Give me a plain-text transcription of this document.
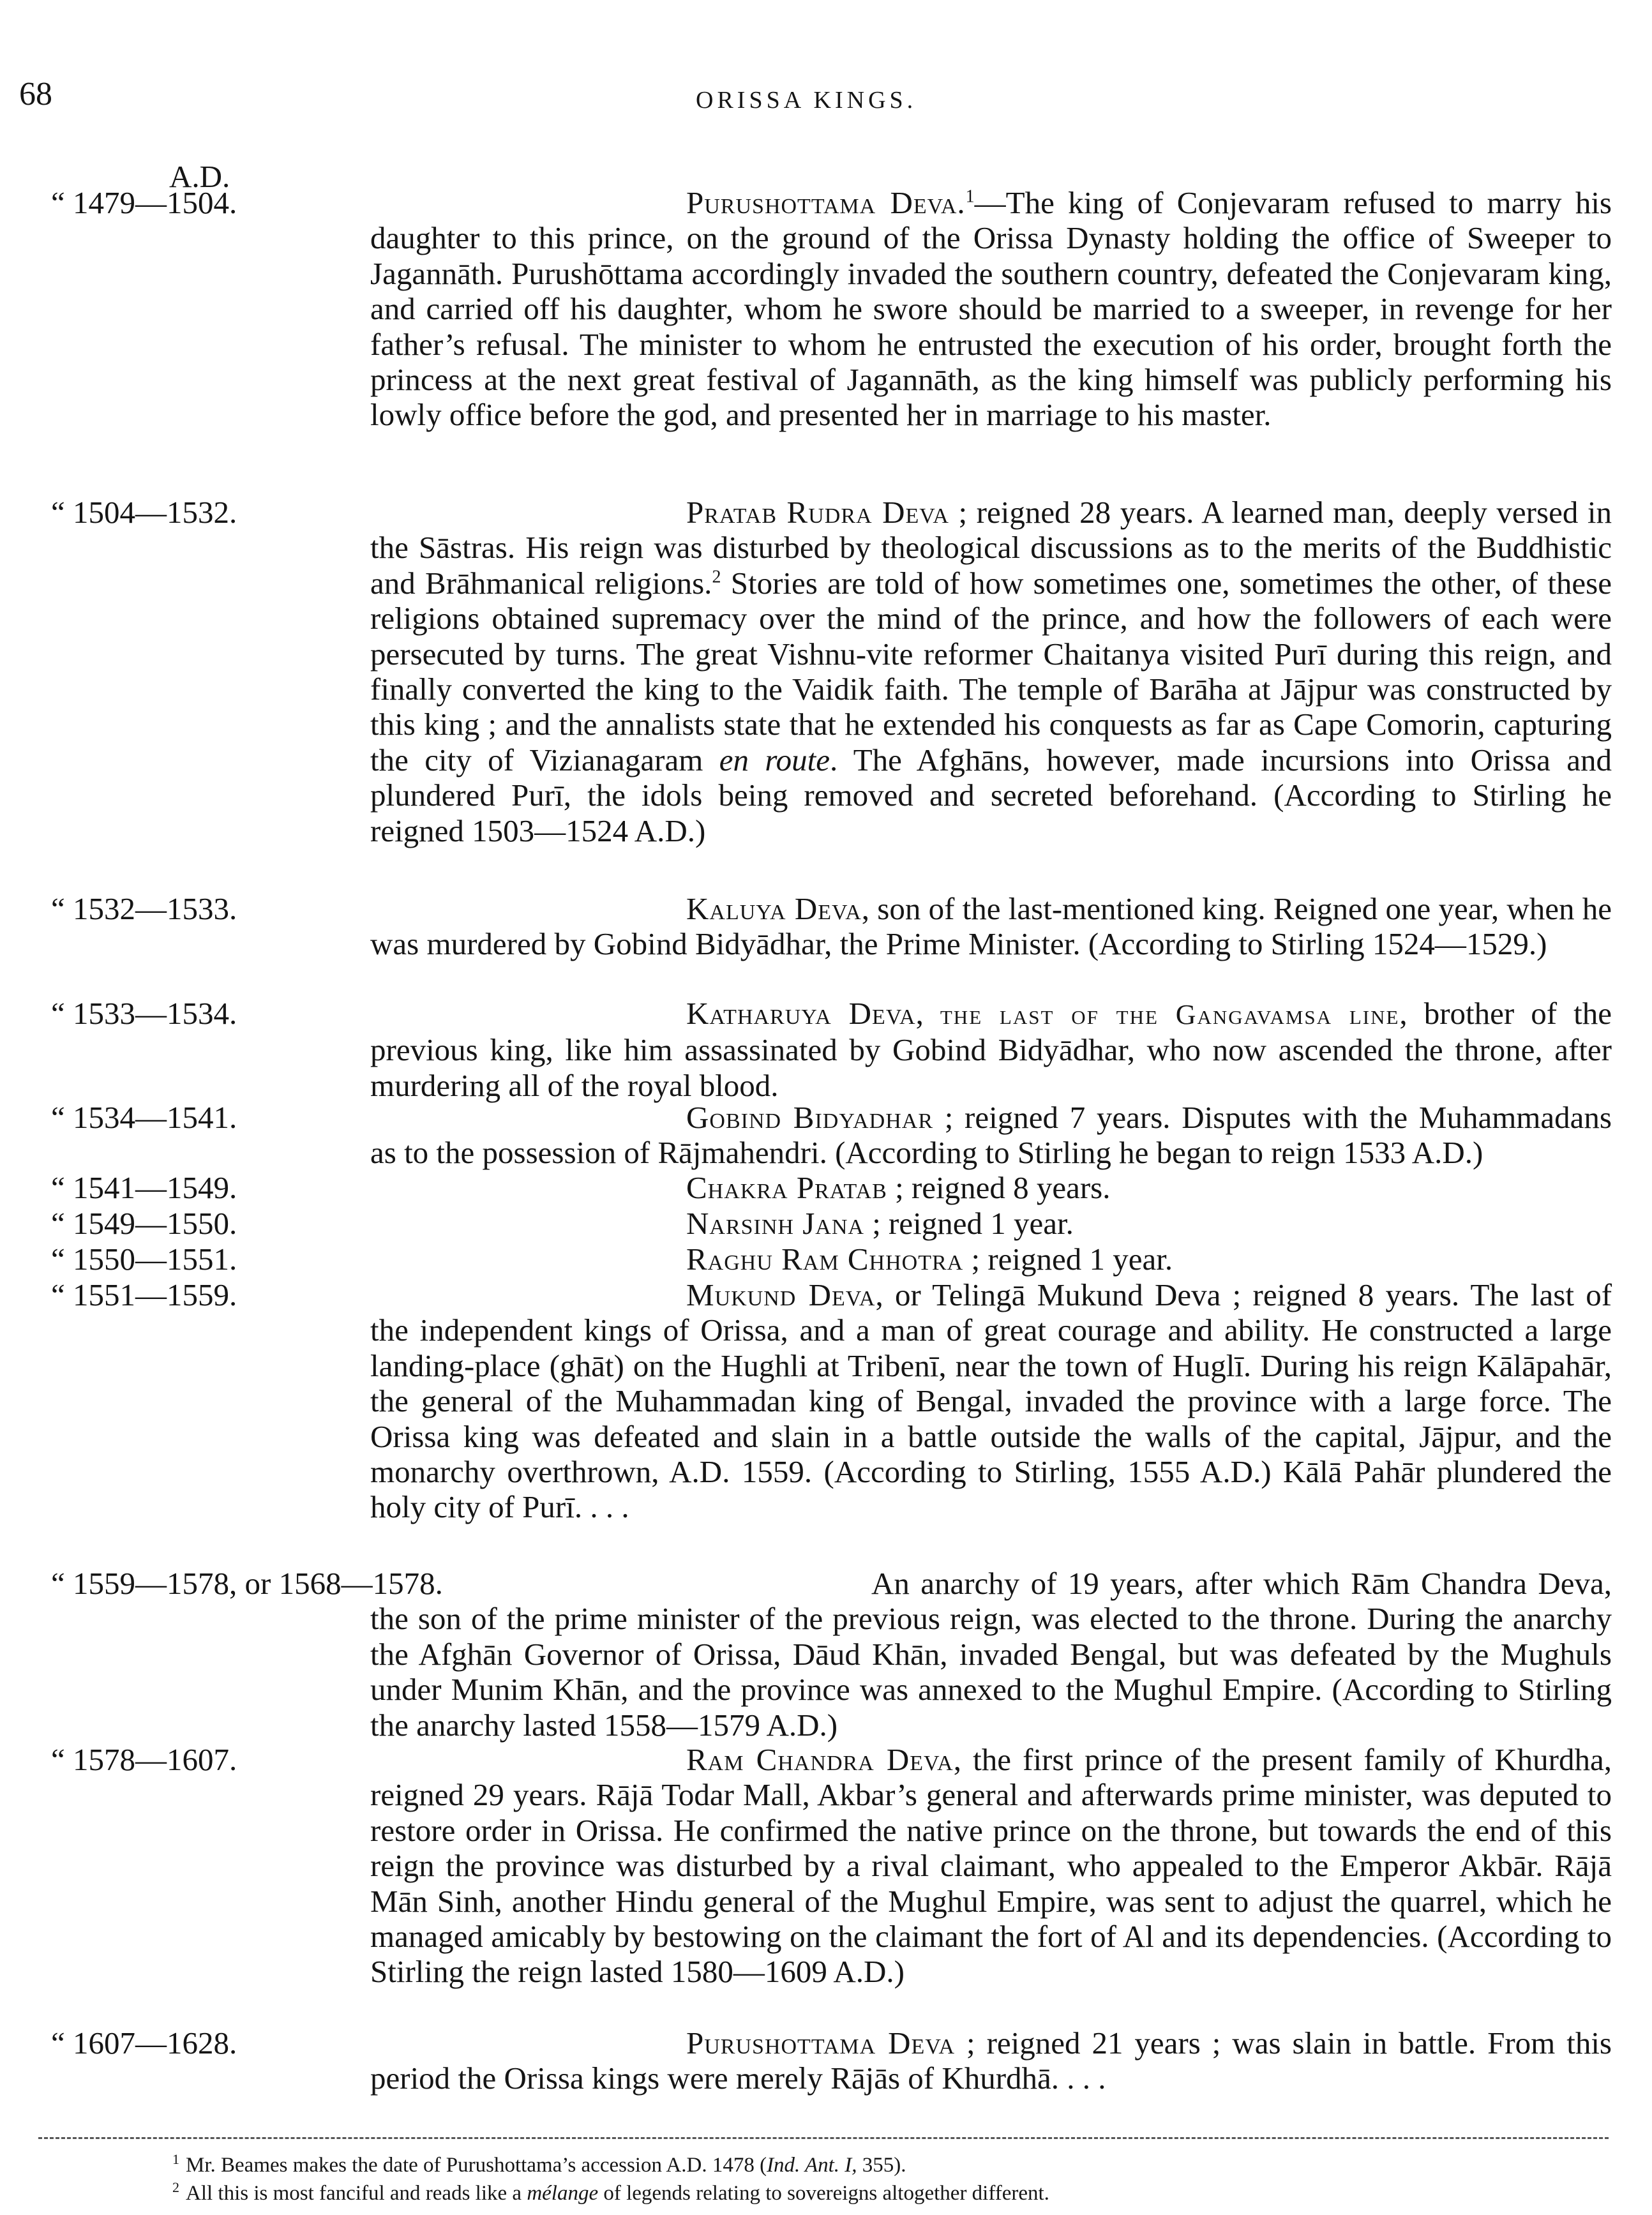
68	ORISSA KINGS.
A.D.
“ 1479—1504.	Purushottama Deva.$^1$—The king of Conjevaram refused to marry his daughter to this prince, on the ground of the Orissa Dynasty holding the office of Sweeper to Jagannāth. Purushōttama accordingly invaded the southern country, defeated the Conjevaram king, and carried off his daughter, whom he swore should be married to a sweeper, in revenge for her father’s refusal. The minister to whom he entrusted the execution of his order, brought forth the princess at the next great festival of Jagannāth, as the king himself was publicly performing his lowly office before the god, and presented her in marriage to his master.

“ 1504—1532.	Pratab Rudra Deva ; reigned 28 years. A learned man, deeply versed in the Sāstras. His reign was disturbed by theological discussions as to the merits of the Buddhistic and Brāhmanical religions.$^2$ Stories are told of how sometimes one, sometimes the other, of these religions obtained supremacy over the mind of the prince, and how the followers of each were persecuted by turns. The great Vishnu-vite reformer Chaitanya visited Purī during this reign, and finally converted the king to the Vaidik faith. The temple of Barāha at Jājpur was constructed by this king ; and the annalists state that he extended his conquests as far as Cape Comorin, capturing the city of Vizianagaram en route. The Afghāns, however, made incursions into Orissa and plundered Purī, the idols being removed and secreted beforehand. (According to Stirling he reigned 1503—1524 A.D.)

“ 1532—1533.	Kaluya Deva, son of the last-mentioned king. Reigned one year, when he was murdered by Gobind Bidyādhar, the Prime Minister. (According to Stirling 1524—1529.)

“ 1533—1534.	Katharuya Deva, the last of the Gangavamsa line, brother of the previous king, like him assassinated by Gobind Bidyādhar, who now ascended the throne, after murdering all of the royal blood.

“ 1534—1541.	Gobind Bidyadhar ; reigned 7 years. Disputes with the Muhammadans as to the possession of Rājmahendri. (According to Stirling he began to reign 1533 A.D.)

“ 1541—1549.	Chakra Pratab ; reigned 8 years.

“ 1549—1550.	Narsinh Jana ; reigned 1 year.

“ 1550—1551.	Raghu Ram Chhotra ; reigned 1 year.

“ 1551—1559.	Mukund Deva, or Telingā Mukund Deva ; reigned 8 years. The last of the independent kings of Orissa, and a man of great courage and ability. He constructed a large landing-place (ghāt) on the Hughli at Tribenī, near the town of Huglī. During his reign Kālāpahār, the general of the Muhammadan king of Bengal, invaded the province with a large force. The Orissa king was defeated and slain in a battle outside the walls of the capital, Jājpur, and the monarchy overthrown, A.D. 1559. (According to Stirling, 1555 A.D.) Kālā Pahār plundered the holy city of Purī. . . .

“ 1559—1578, or 1568—1578.	An anarchy of 19 years, after which Rām Chandra Deva, the son of the prime minister of the previous reign, was elected to the throne. During the anarchy the Afghān Governor of Orissa, Dāud Khān, invaded Bengal, but was defeated by the Mughuls under Munim Khān, and the province was annexed to the Mughul Empire. (According to Stirling the anarchy lasted 1558—1579 A.D.)

“ 1578—1607.	Ram Chandra Deva, the first prince of the present family of Khurdha, reigned 29 years. Rājā Todar Mall, Akbar’s general and afterwards prime minister, was deputed to restore order in Orissa. He confirmed the native prince on the throne, but towards the end of this reign the province was disturbed by a rival claimant, who appealed to the Emperor Akbār. Rājā Mān Sinh, another Hindu general of the Mughul Empire, was sent to adjust the quarrel, which he managed amicably by bestowing on the claimant the fort of Al and its dependencies. (According to Stirling the reign lasted 1580—1609 A.D.)

“ 1607—1628.	Purushottama Deva ; reigned 21 years ; was slain in battle. From this period the Orissa kings were merely Rājās of Khurdhā. . . .

$^1$ Mr. Beames makes the date of Purushottama’s accession A.D. 1478 (Ind. Ant. I, 355).

$^2$ All this is most fanciful and reads like a mélange of legends relating to sovereigns altogether different.
